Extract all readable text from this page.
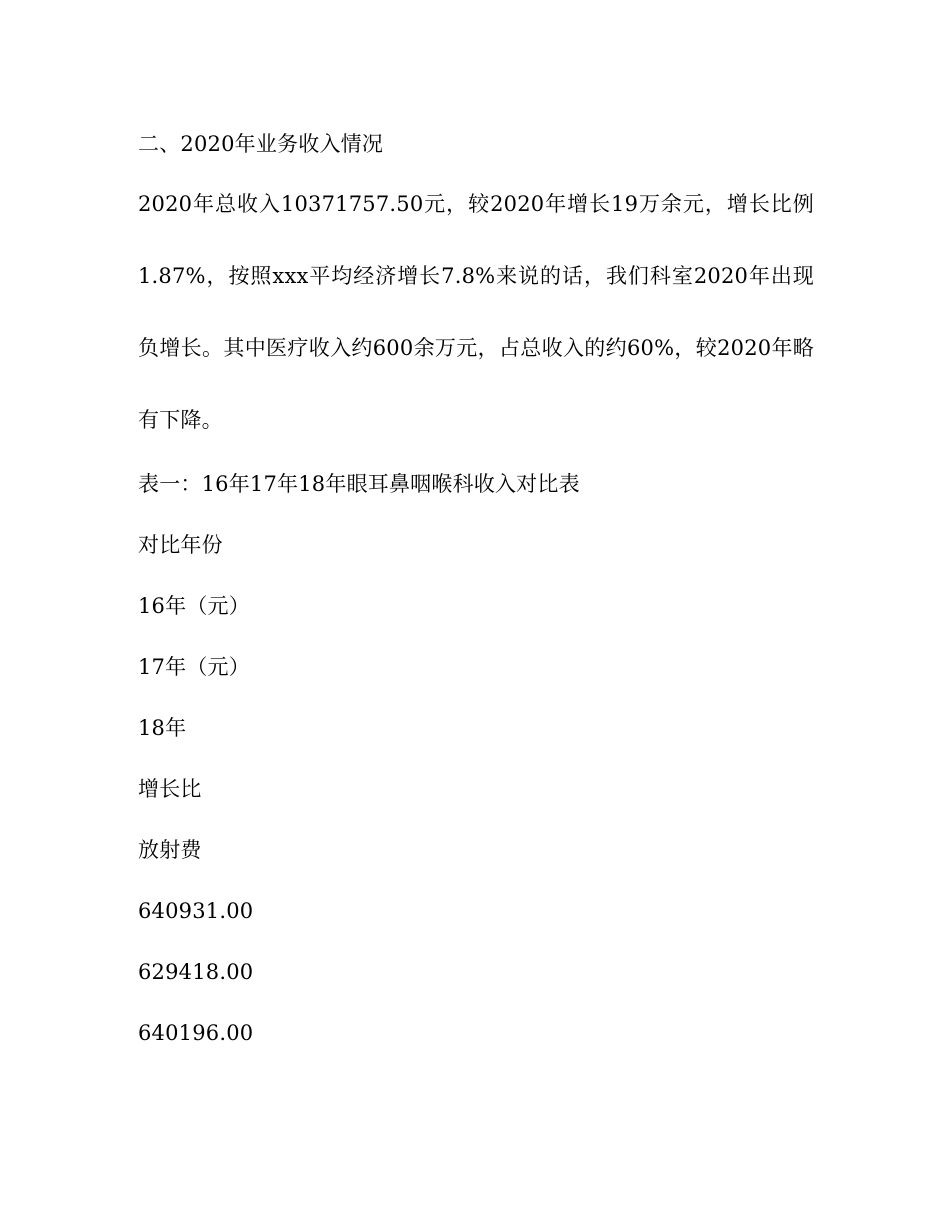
二、2020年业务收入情况
2020年总收入10371757.50元，较2020年增长19万余元，增长比例1.87%，按照xxx平均经济增长7.8%来说的话，我们科室2020年出现负增长。其中医疗收入约600余万元，占总收入的约60%，较2020年略有下降。
表一：16年17年18年眼耳鼻咽喉科收入对比表
对比年份
16年（元）
17年（元）
18年
增长比
放射费
640931.00
629418.00
640196.00
